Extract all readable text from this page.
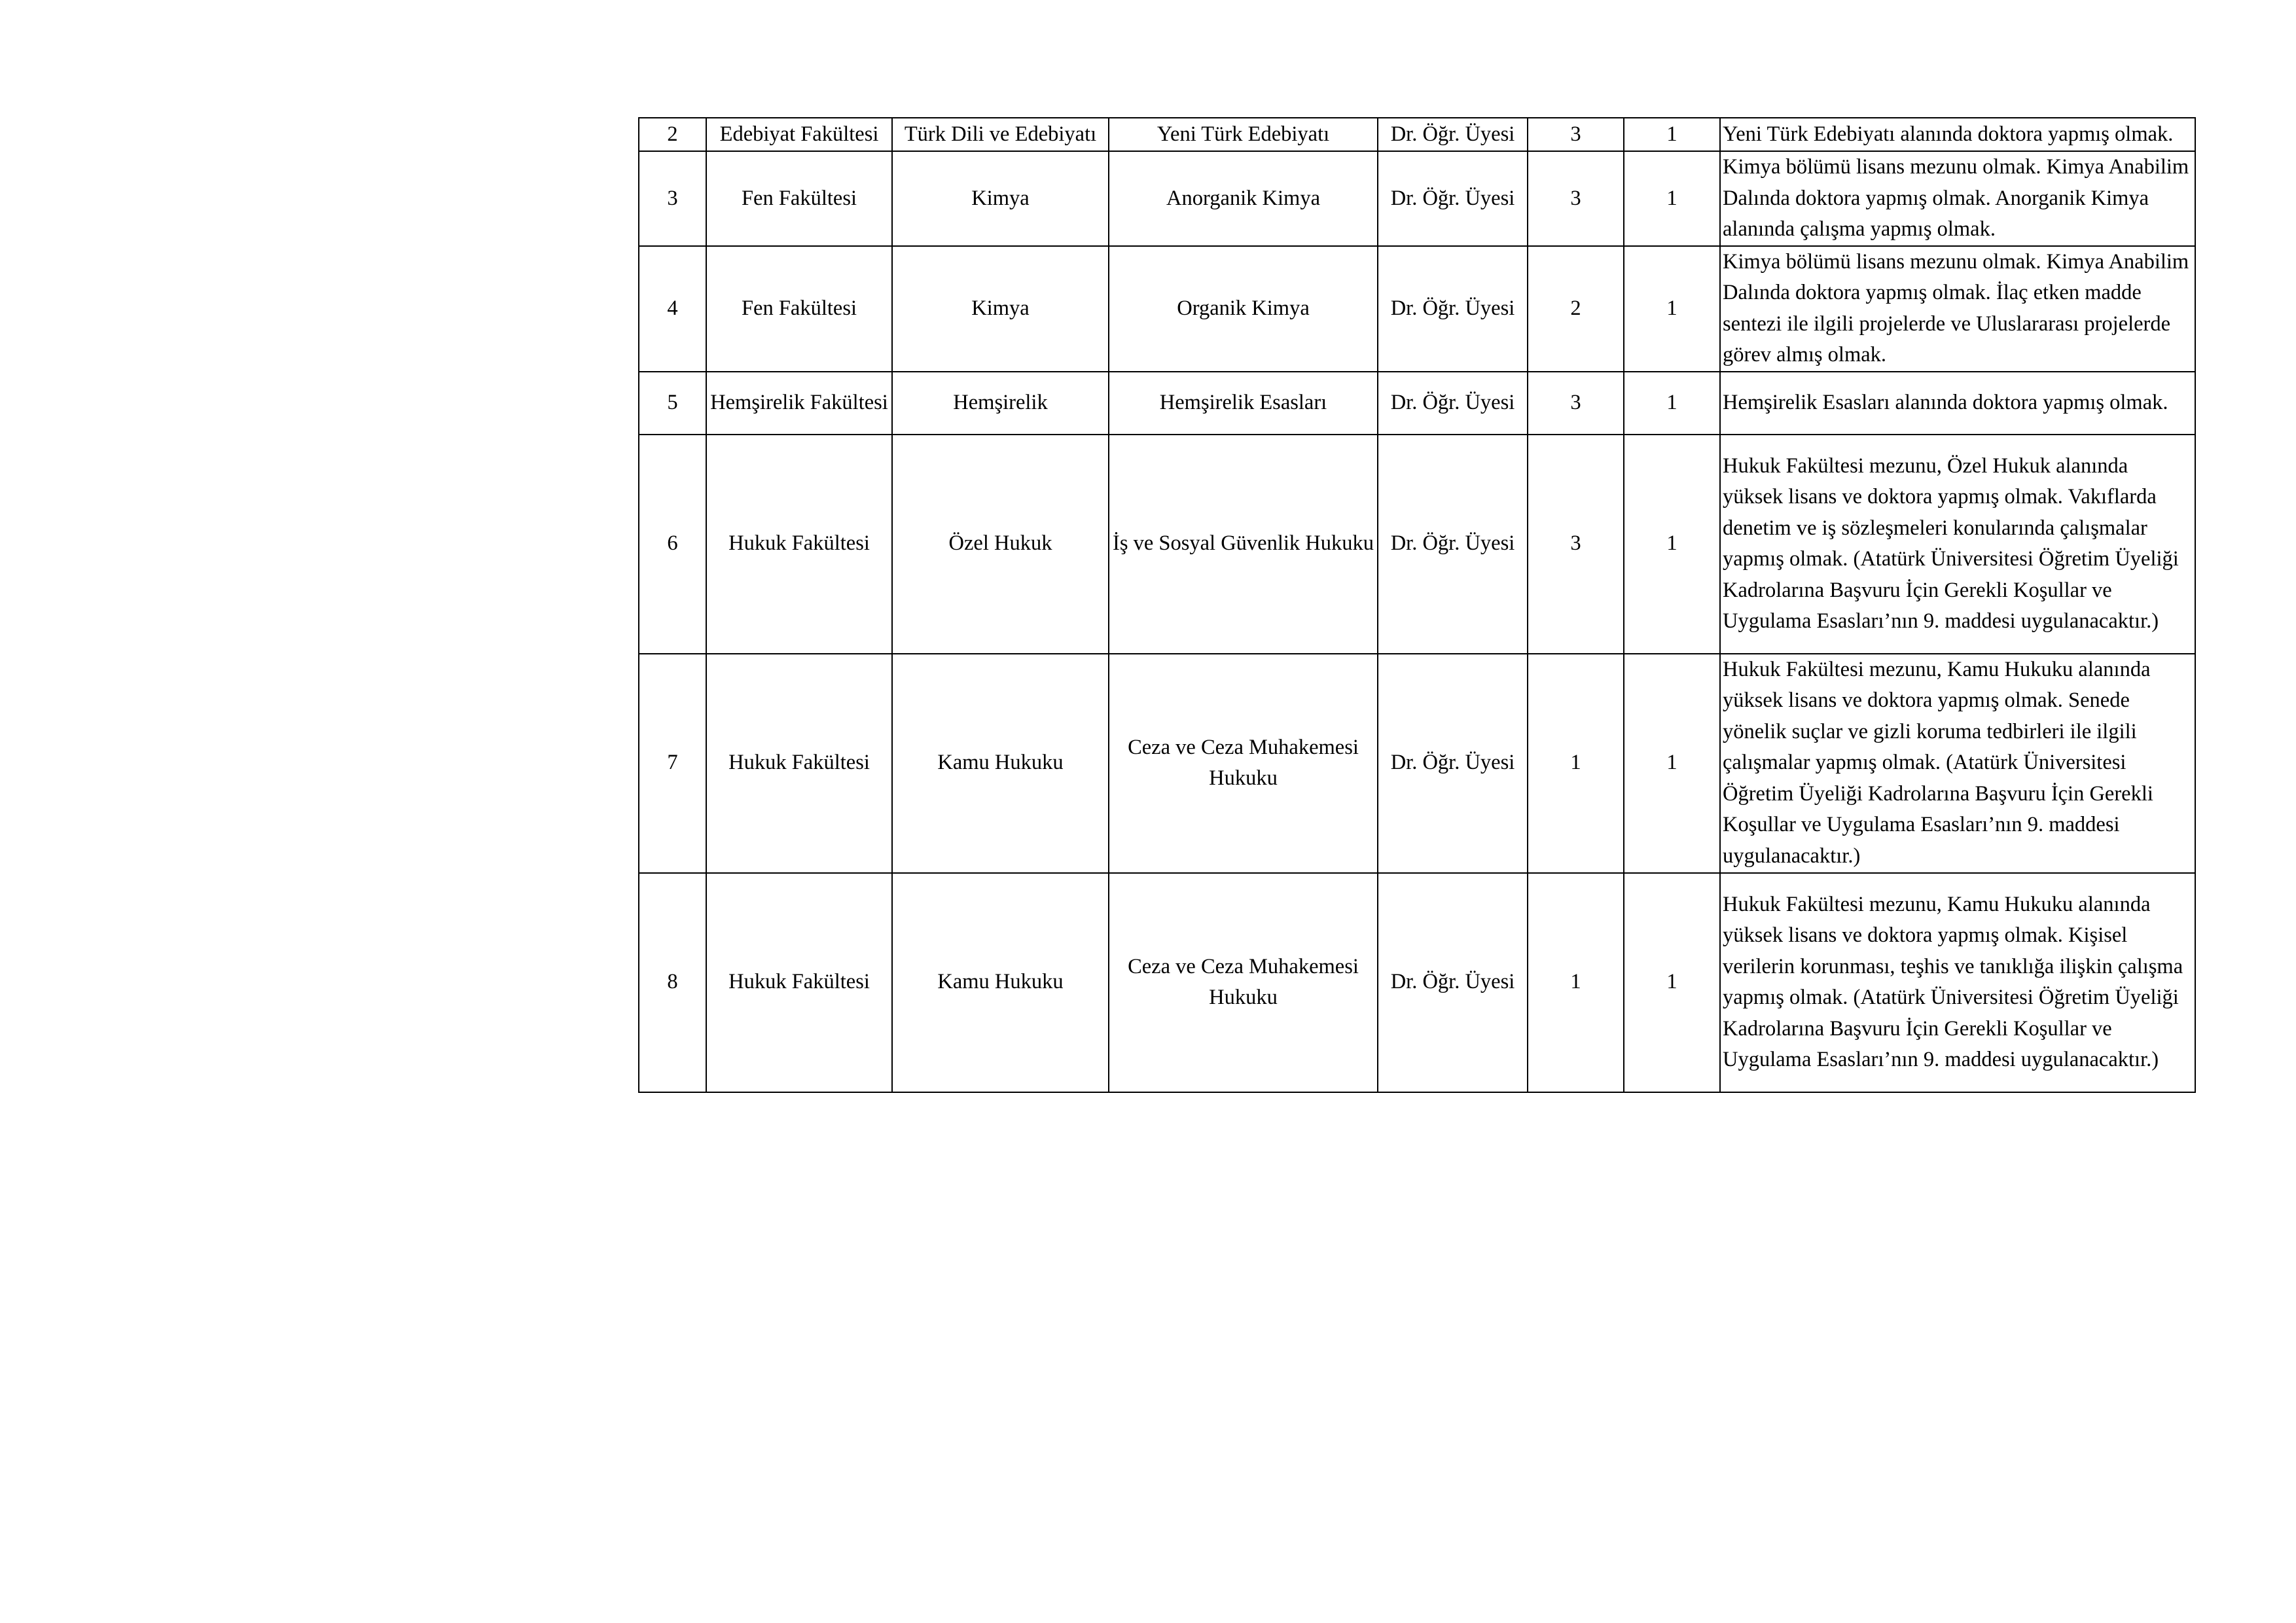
2	Edebiyat Fakültesi	Türk Dili ve Edebiyatı	Yeni Türk Edebiyatı	Dr. Öğr. Üyesi	3	1	Yeni Türk Edebiyatı alanında doktora yapmış olmak.
3	Fen Fakültesi	Kimya	Anorganik Kimya	Dr. Öğr. Üyesi	3	1	Kimya bölümü lisans mezunu olmak. Kimya Anabilim Dalında doktora yapmış olmak. Anorganik Kimya alanında çalışma yapmış olmak.
4	Fen Fakültesi	Kimya	Organik Kimya	Dr. Öğr. Üyesi	2	1	Kimya bölümü lisans mezunu olmak. Kimya Anabilim Dalında doktora yapmış olmak. İlaç etken madde sentezi ile ilgili projelerde ve Uluslararası projelerde görev almış olmak.
5	Hemşirelik Fakültesi	Hemşirelik	Hemşirelik Esasları	Dr. Öğr. Üyesi	3	1	Hemşirelik Esasları alanında doktora yapmış olmak.
6	Hukuk Fakültesi	Özel Hukuk	İş ve Sosyal Güvenlik Hukuku	Dr. Öğr. Üyesi	3	1	Hukuk Fakültesi mezunu, Özel Hukuk alanında yüksek lisans ve doktora yapmış olmak. Vakıflarda denetim ve iş sözleşmeleri konularında çalışmalar yapmış olmak. (Atatürk Üniversitesi Öğretim Üyeliği Kadrolarına Başvuru İçin Gerekli Koşullar ve Uygulama Esasları’nın 9. maddesi uygulanacaktır.)
7	Hukuk Fakültesi	Kamu Hukuku	Ceza ve Ceza Muhakemesi Hukuku	Dr. Öğr. Üyesi	1	1	Hukuk Fakültesi mezunu, Kamu Hukuku alanında yüksek lisans ve doktora yapmış olmak. Senede yönelik suçlar ve gizli koruma tedbirleri ile ilgili çalışmalar yapmış olmak. (Atatürk Üniversitesi Öğretim Üyeliği Kadrolarına Başvuru İçin Gerekli Koşullar ve Uygulama Esasları’nın 9. maddesi uygulanacaktır.)
8	Hukuk Fakültesi	Kamu Hukuku	Ceza ve Ceza Muhakemesi Hukuku	Dr. Öğr. Üyesi	1	1	Hukuk Fakültesi mezunu, Kamu Hukuku alanında yüksek lisans ve doktora yapmış olmak. Kişisel verilerin korunması, teşhis ve tanıklığa ilişkin çalışma yapmış olmak. (Atatürk Üniversitesi Öğretim Üyeliği Kadrolarına Başvuru İçin Gerekli Koşullar ve Uygulama Esasları’nın 9. maddesi uygulanacaktır.)
